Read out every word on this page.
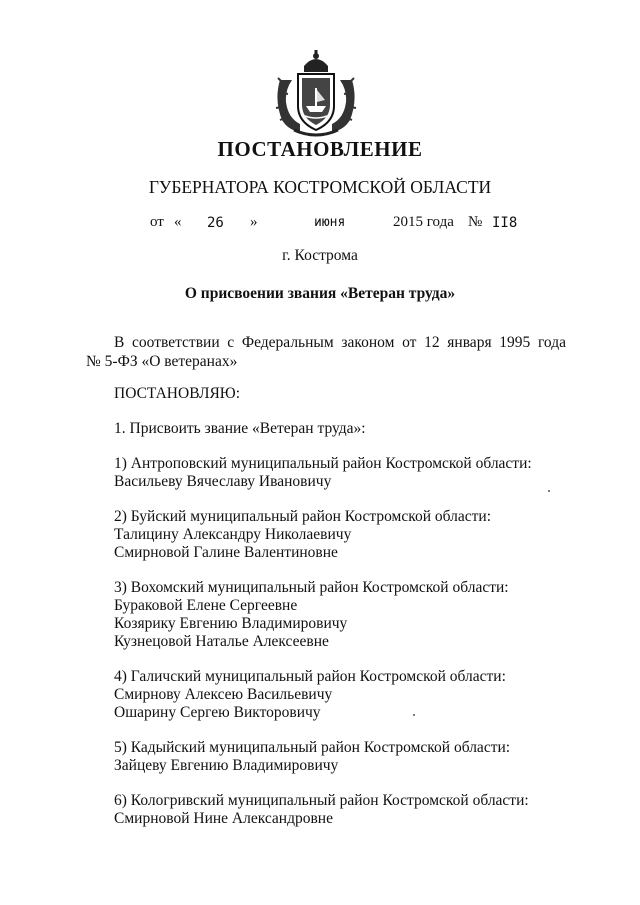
ПОСТАНОВЛЕНИЕ
ГУБЕРНАТОРА КОСТРОМСКОЙ ОБЛАСТИ
от « 26 »	июня	2015 года № II8
г. Кострома
О присвоении звания «Ветеран труда»
В соответствии с Федеральным законом от 12 января 1995 года
№ 5-ФЗ «О ветеранах»
ПОСТАНОВЛЯЮ:
1. Присвоить звание «Ветеран труда»:
1) Антроповский муниципальный район Костромской области:
Васильеву Вячеславу Ивановичу
2) Буйский муниципальный район Костромской области:
Талицину Александру Николаевичу
Смирновой Галине Валентиновне
3) Вохомский муниципальный район Костромской области:
Бураковой Елене Сергеевне
Козярику Евгению Владимировичу
Кузнецовой Наталье Алексеевне
4) Галичский муниципальный район Костромской области:
Смирнову Алексею Васильевичу
Ошарину Сергею Викторовичу
5) Кадыйский муниципальный район Костромской области:
Зайцеву Евгению Владимировичу
6) Кологривский муниципальный район Костромской области:
Смирновой Нине Александровне
